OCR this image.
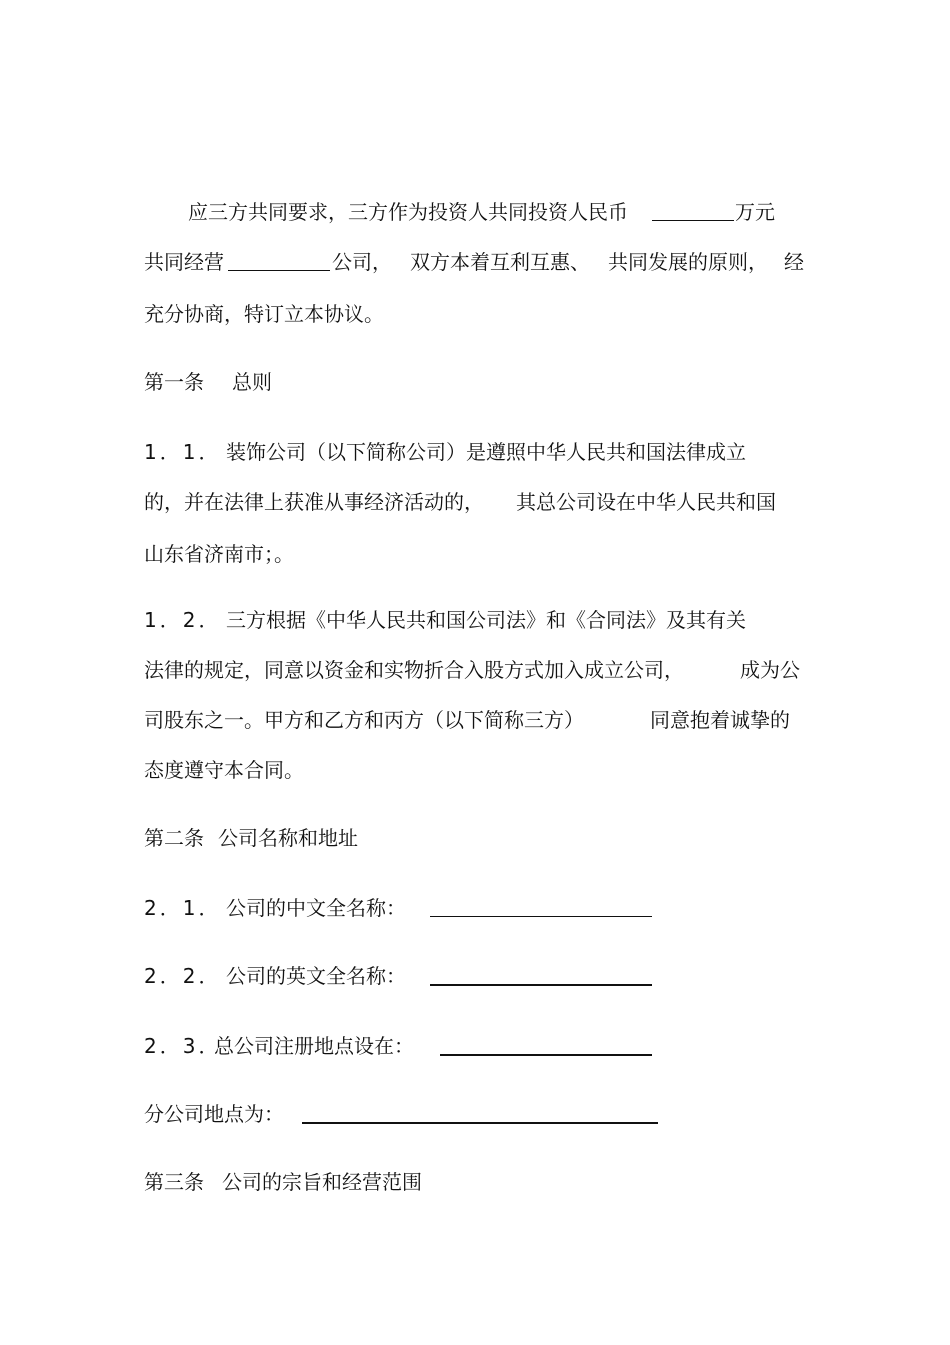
应三方共同要求，三方作为投资人共同投资人民币	万元
共同经营	公司， 双方本着互利互惠、 共同发展的原则， 经
充分协商，特订立本协议。
第一条 总则
1．1． 装饰公司（以下简称公司）是遵照中华人民共和国法律成立
的，并在法律上获准从事经济活动的， 其总公司设在中华人民共和国
山东省济南市；。
1．2． 三方根据《中华人民共和国公司法》和《合同法》及其有关
法律的规定，同意以资金和实物折合入股方式加入成立公司，	成为公
司股东之一。甲方和乙方和丙方（以下简称三方）	同意抱着诚挚的
态度遵守本合同。
第二条 公司名称和地址
2．1． 公司的中文全名称：
2．2． 公司的英文全名称：
2．3．
总公司注册地点设在：
分公司地点为：
第三条 公司的宗旨和经营范围
